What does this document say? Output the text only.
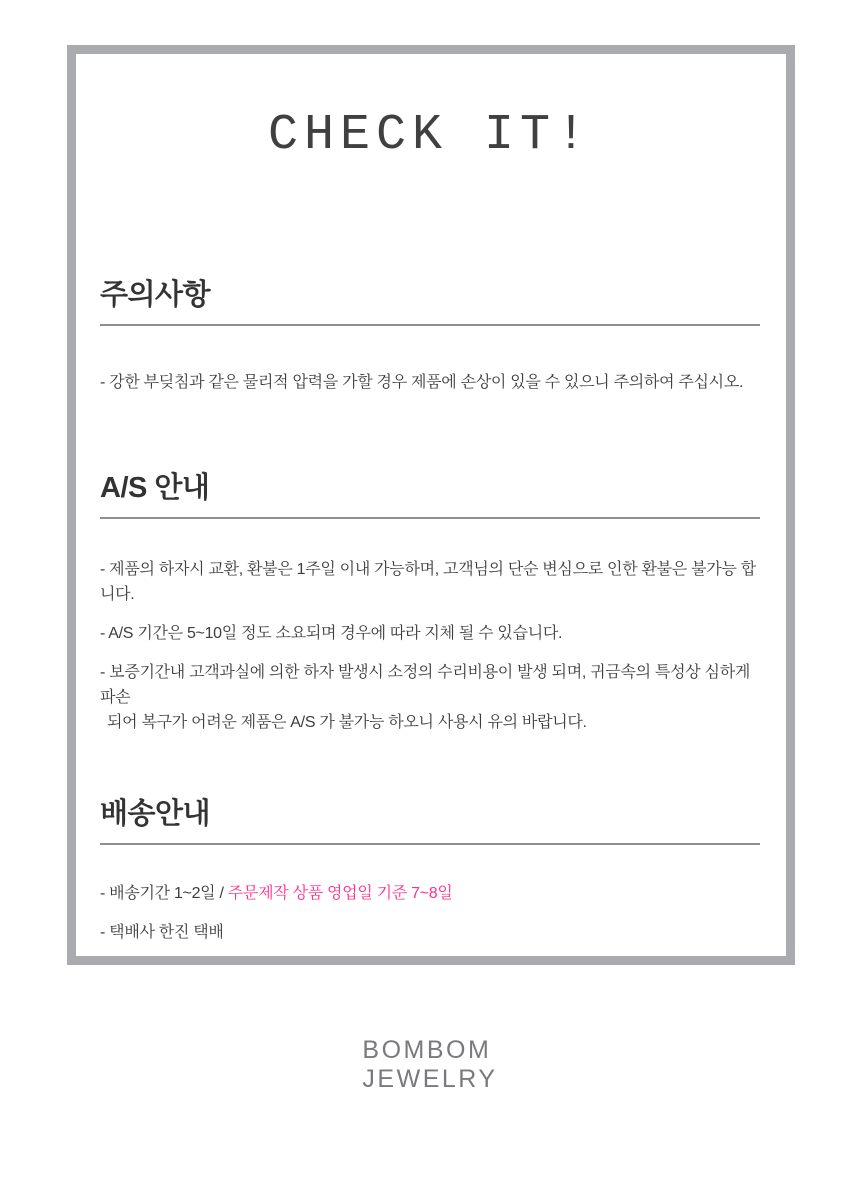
CHECK IT!
주의사항

- 강한 부딪침과 같은 물리적 압력을 가할 경우 제품에 손상이 있을 수 있으니 주의하여 주십시오.

A/S 안내

- 제품의 하자시 교환, 환불은 1주일 이내 가능하며, 고객님의 단순 변심으로 인한 환불은 불가능 합니다.

- A/S 기간은 5~10일 정도 소요되며 경우에 따라 지체 될 수 있습니다.

- 보증기간내 고객과실에 의한 하자 발생시 소정의 수리비용이 발생 되며, 귀금속의 특성상 심하게 파손
되어 복구가 어려운 제품은 A/S 가 불가능 하오니 사용시 유의 바랍니다.

배송안내

- 배송기간 1~2일 / 주문제작 상품 영업일 기준 7~8일

- 택배사 한진 택배

BOMBOM
JEWELRY
